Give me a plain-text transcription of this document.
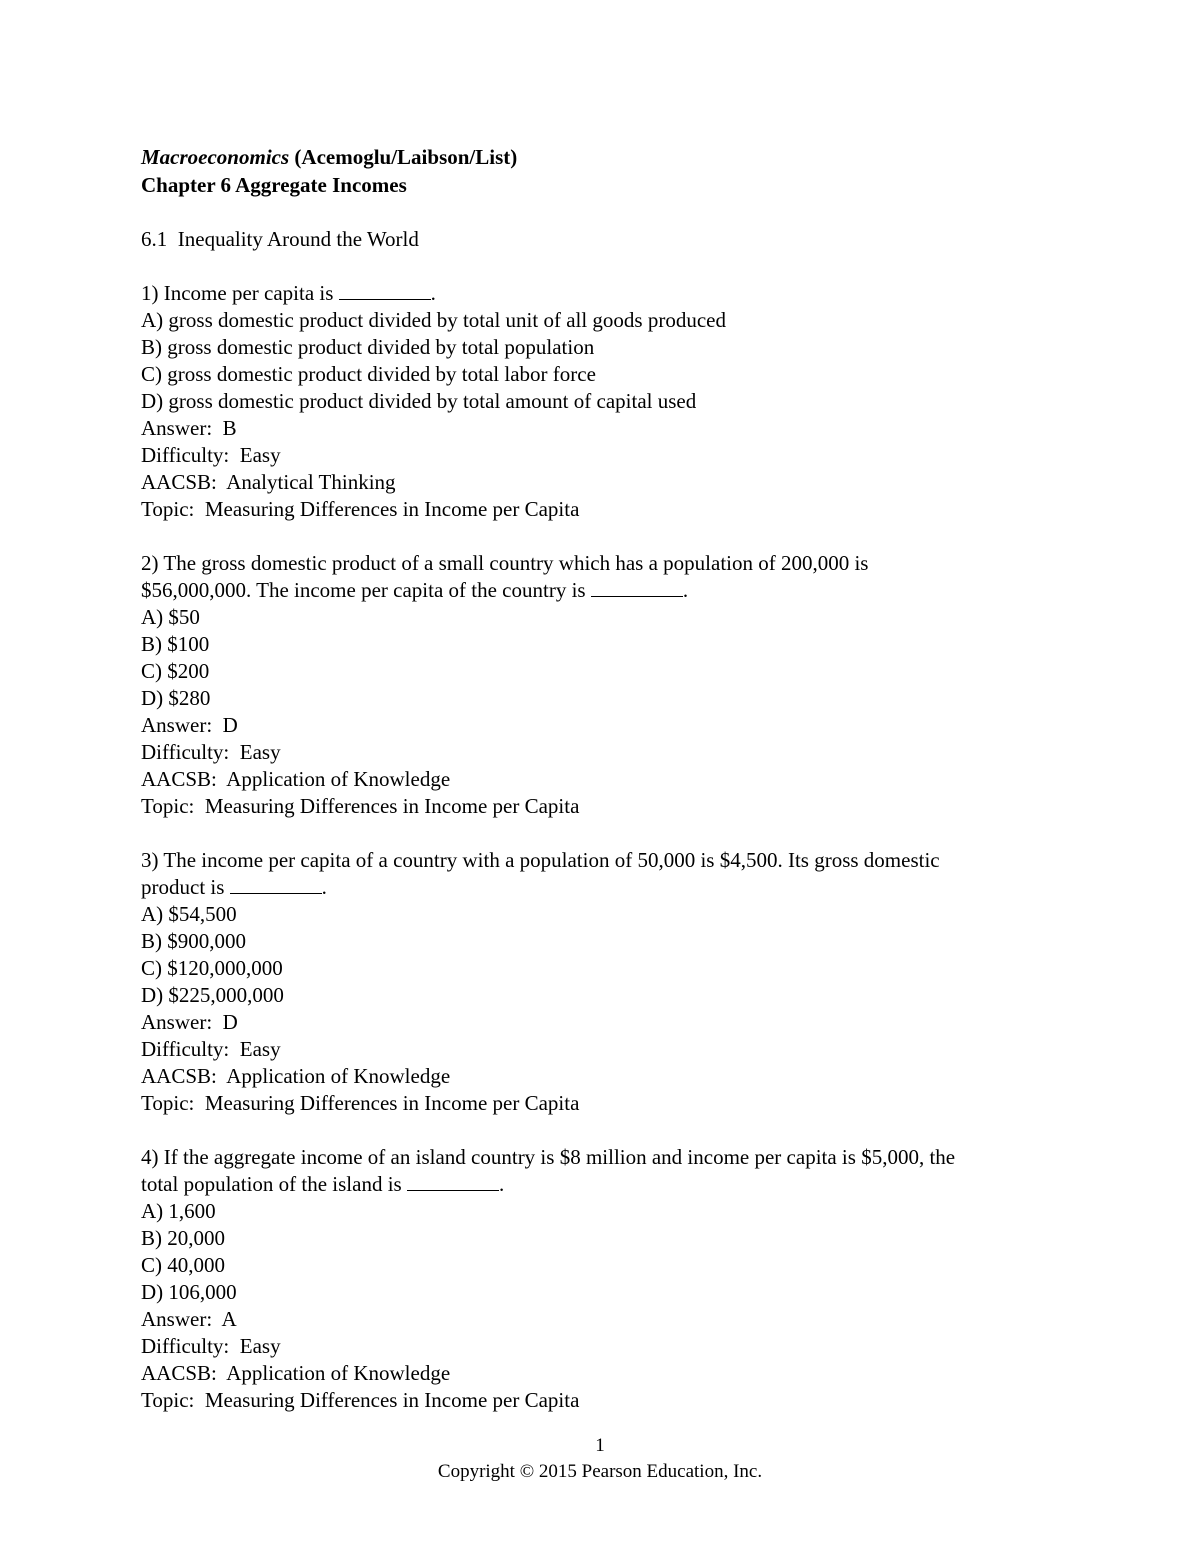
Macroeconomics (Acemoglu/Laibson/List)

Chapter 6 Aggregate Incomes

6.1  Inequality Around the World

1) Income per capita is	.

A) gross domestic product divided by total unit of all goods produced

B) gross domestic product divided by total population

C) gross domestic product divided by total labor force

D) gross domestic product divided by total amount of capital used

Answer:  B

Difficulty:  Easy

AACSB:  Analytical Thinking

Topic:  Measuring Differences in Income per Capita

2) The gross domestic product of a small country which has a population of 200,000 is

$56,000,000. The income per capita of the country is	.

A) $50

B) $100

C) $200

D) $280

Answer:  D

Difficulty:  Easy

AACSB:  Application of Knowledge

Topic:  Measuring Differences in Income per Capita

3) The income per capita of a country with a population of 50,000 is $4,500. Its gross domestic

product is	.

A) $54,500

B) $900,000

C) $120,000,000

D) $225,000,000

Answer:  D

Difficulty:  Easy

AACSB:  Application of Knowledge

Topic:  Measuring Differences in Income per Capita

4) If the aggregate income of an island country is $8 million and income per capita is $5,000, the

total population of the island is	.

A) 1,600

B) 20,000

C) 40,000

D) 106,000

Answer:  A

Difficulty:  Easy

AACSB:  Application of Knowledge

Topic:  Measuring Differences in Income per Capita

1
Copyright © 2015 Pearson Education, Inc.
